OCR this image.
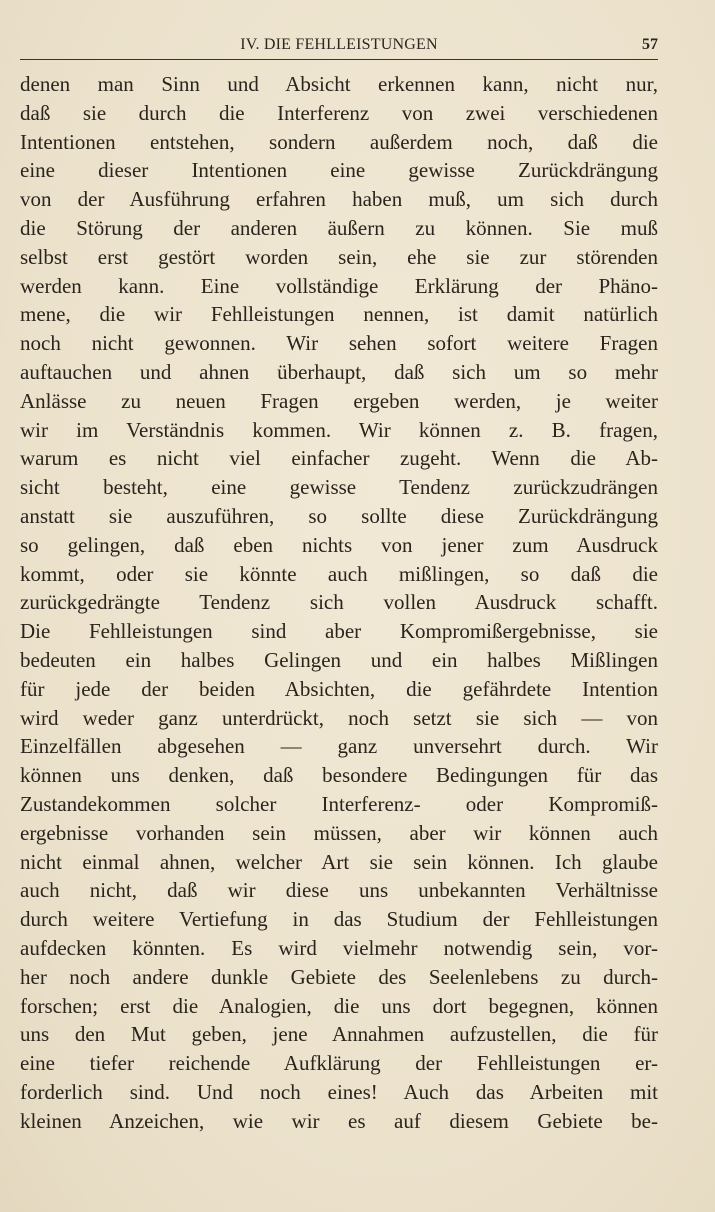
IV. DIE FEHLLEISTUNGEN	57
denen man Sinn und Absicht erkennen kann, nicht nur,
daß sie durch die Interferenz von zwei verschiedenen
Intentionen entstehen, sondern außerdem noch, daß die
eine dieser Intentionen eine gewisse Zurückdrängung
von der Ausführung erfahren haben muß, um sich durch
die Störung der anderen äußern zu können. Sie muß
selbst erst gestört worden sein, ehe sie zur störenden
werden kann. Eine vollständige Erklärung der Phäno-
mene, die wir Fehlleistungen nennen, ist damit natürlich
noch nicht gewonnen. Wir sehen sofort weitere Fragen
auftauchen und ahnen überhaupt, daß sich um so mehr
Anlässe zu neuen Fragen ergeben werden, je weiter
wir im Verständnis kommen. Wir können z. B. fragen,
warum es nicht viel einfacher zugeht. Wenn die Ab-
sicht besteht, eine gewisse Tendenz zurückzudrängen
anstatt sie auszuführen, so sollte diese Zurückdrängung
so gelingen, daß eben nichts von jener zum Ausdruck
kommt, oder sie könnte auch mißlingen, so daß die
zurückgedrängte Tendenz sich vollen Ausdruck schafft.
Die Fehlleistungen sind aber Kompromißergebnisse, sie
bedeuten ein halbes Gelingen und ein halbes Mißlingen
für jede der beiden Absichten, die gefährdete Intention
wird weder ganz unterdrückt, noch setzt sie sich — von
Einzelfällen abgesehen — ganz unversehrt durch. Wir
können uns denken, daß besondere Bedingungen für das
Zustandekommen solcher Interferenz- oder Kompromiß-
ergebnisse vorhanden sein müssen, aber wir können auch
nicht einmal ahnen, welcher Art sie sein können. Ich glaube
auch nicht, daß wir diese uns unbekannten Verhältnisse
durch weitere Vertiefung in das Studium der Fehlleistungen
aufdecken könnten. Es wird vielmehr notwendig sein, vor-
her noch andere dunkle Gebiete des Seelenlebens zu durch-
forschen; erst die Analogien, die uns dort begegnen, können
uns den Mut geben, jene Annahmen aufzustellen, die für
eine tiefer reichende Aufklärung der Fehlleistungen er-
forderlich sind. Und noch eines! Auch das Arbeiten mit
kleinen Anzeichen, wie wir es auf diesem Gebiete be-
